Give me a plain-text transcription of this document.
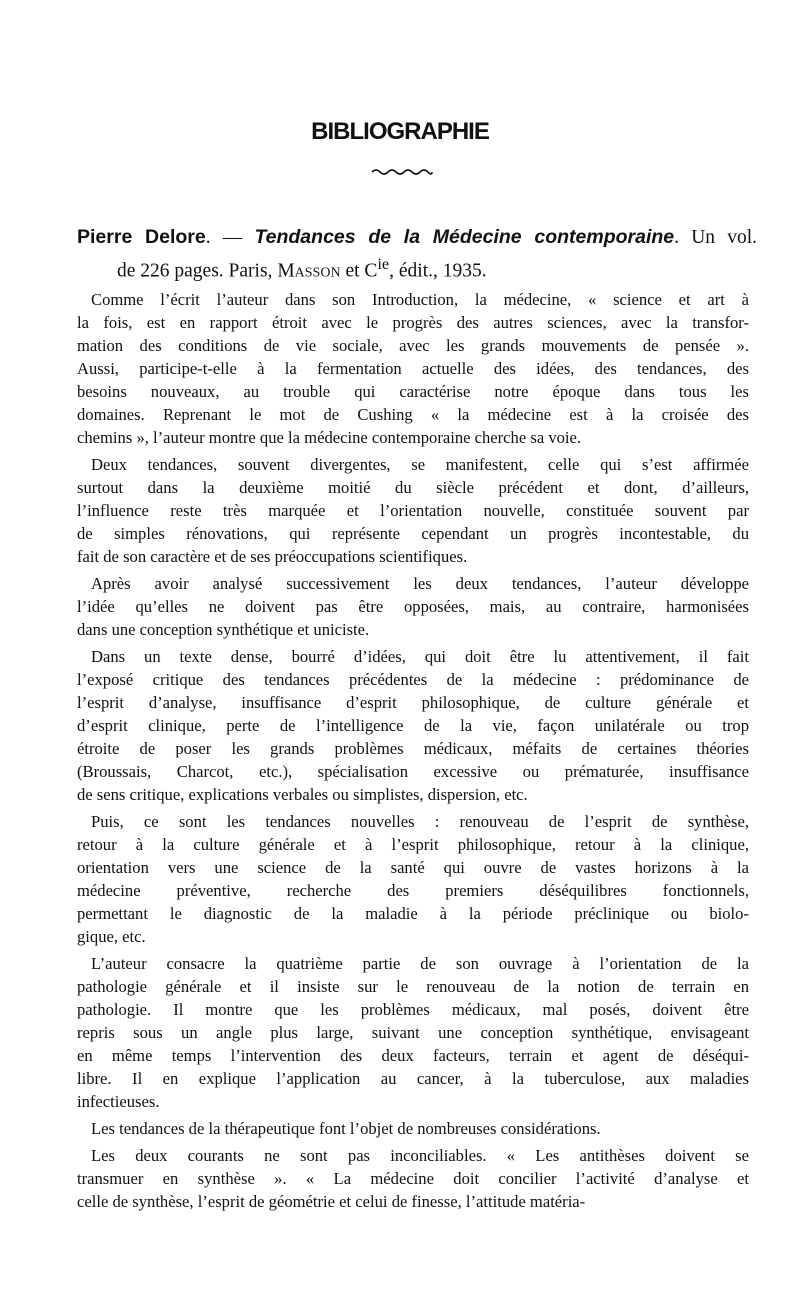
BIBLIOGRAPHIE
Pierre Delore. — Tendances de la Médecine contemporaine. Un vol.
de 226 pages. Paris, Masson et $C^{ie}$, édit., 1935.

Comme l’écrit l’auteur dans son Introduction, la médecine, « science et art à
la fois, est en rapport étroit avec le progrès des autres sciences, avec la transfor-
mation des conditions de vie sociale, avec les grands mouvements de pensée ».
Aussi, participe-t-elle à la fermentation actuelle des idées, des tendances, des
besoins nouveaux, au trouble qui caractérise notre époque dans tous les
domaines. Reprenant le mot de Cushing « la médecine est à la croisée des
chemins », l’auteur montre que la médecine contemporaine cherche sa voie.

Deux tendances, souvent divergentes, se manifestent, celle qui s’est affirmée
surtout dans la deuxième moitié du siècle précédent et dont, d’ailleurs,
l’influence reste très marquée et l’orientation nouvelle, constituée souvent par
de simples rénovations, qui représente cependant un progrès incontestable, du
fait de son caractère et de ses préoccupations scientifiques.

Après avoir analysé successivement les deux tendances, l’auteur développe
l’idée qu’elles ne doivent pas être opposées, mais, au contraire, harmonisées
dans une conception synthétique et uniciste.

Dans un texte dense, bourré d’idées, qui doit être lu attentivement, il fait
l’exposé critique des tendances précédentes de la médecine : prédominance de
l’esprit d’analyse, insuffisance d’esprit philosophique, de culture générale et
d’esprit clinique, perte de l’intelligence de la vie, façon unilatérale ou trop
étroite de poser les grands problèmes médicaux, méfaits de certaines théories
(Broussais, Charcot, etc.), spécialisation excessive ou prématurée, insuffisance
de sens critique, explications verbales ou simplistes, dispersion, etc.

Puis, ce sont les tendances nouvelles : renouveau de l’esprit de synthèse,
retour à la culture générale et à l’esprit philosophique, retour à la clinique,
orientation vers une science de la santé qui ouvre de vastes horizons à la
médecine préventive, recherche des premiers déséquilibres fonctionnels,
permettant le diagnostic de la maladie à la période préclinique ou biolo-
gique, etc.

L’auteur consacre la quatrième partie de son ouvrage à l’orientation de la
pathologie générale et il insiste sur le renouveau de la notion de terrain en
pathologie. Il montre que les problèmes médicaux, mal posés, doivent être
repris sous un angle plus large, suivant une conception synthétique, envisageant
en même temps l’intervention des deux facteurs, terrain et agent de déséqui-
libre. Il en explique l’application au cancer, à la tuberculose, aux maladies
infectieuses.

Les tendances de la thérapeutique font l’objet de nombreuses considérations.

Les deux courants ne sont pas inconciliables. « Les antithèses doivent se
transmuer en synthèse ». « La médecine doit concilier l’activité d’analyse et
celle de synthèse, l’esprit de géométrie et celui de finesse, l’attitude matéria-
